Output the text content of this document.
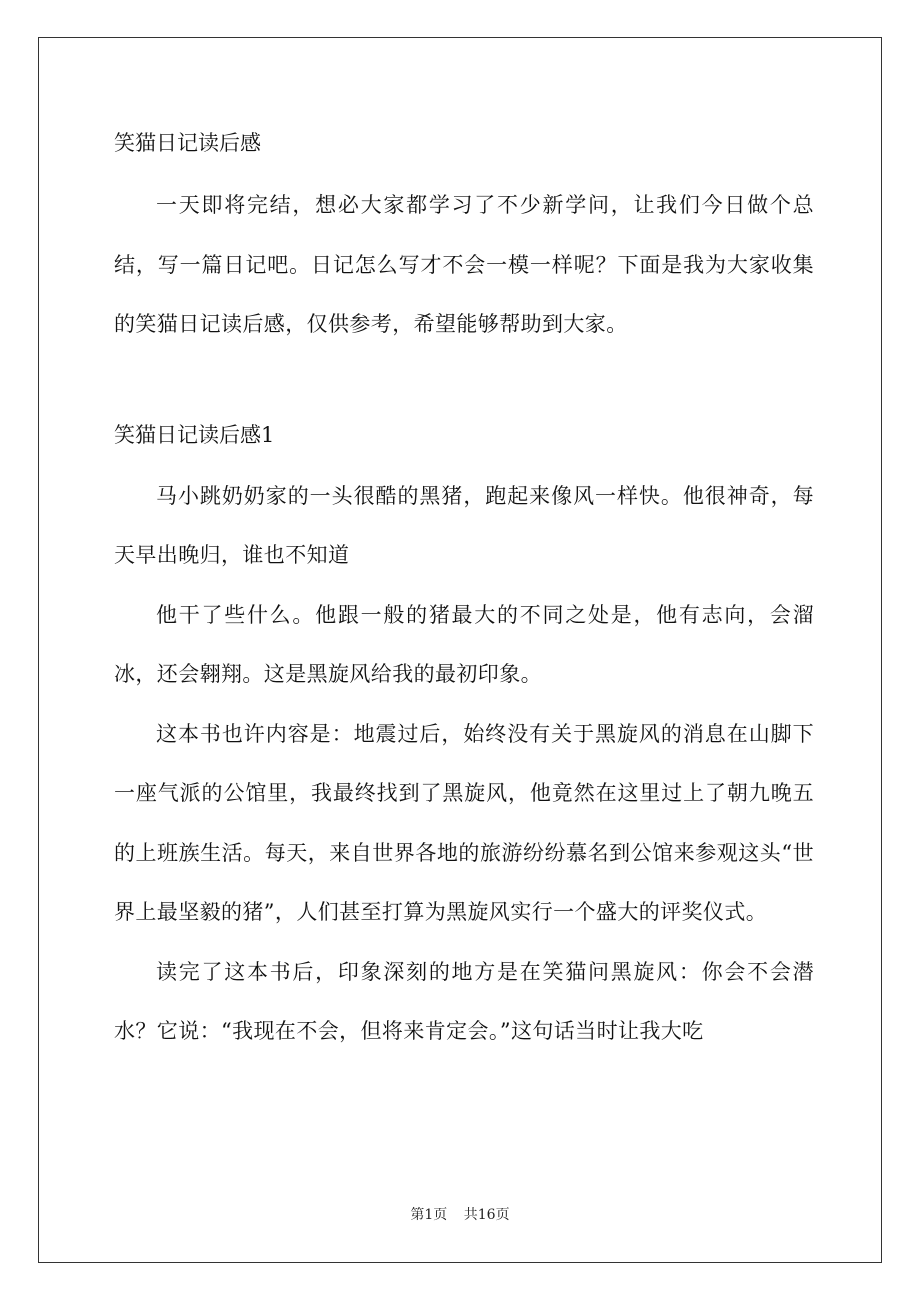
笑猫日记读后感

一天即将完结，想必大家都学习了不少新学问，让我们今日做个总结，写一篇日记吧。日记怎么写才不会一模一样呢？下面是我为大家收集的笑猫日记读后感，仅供参考，希望能够帮助到大家。

笑猫日记读后感1

马小跳奶奶家的一头很酷的黑猪，跑起来像风一样快。他很神奇，每天早出晚归，谁也不知道

他干了些什么。他跟一般的猪最大的不同之处是，他有志向，会溜冰，还会翱翔。这是黑旋风给我的最初印象。

这本书也许内容是：地震过后，始终没有关于黑旋风的消息在山脚下一座气派的公馆里，我最终找到了黑旋风，他竟然在这里过上了朝九晚五的上班族生活。每天，来自世界各地的旅游纷纷慕名到公馆来参观这头“世界上最坚毅的猪”，人们甚至打算为黑旋风实行一个盛大的评奖仪式。

读完了这本书后，印象深刻的地方是在笑猫问黑旋风：你会不会潜水？它说：“我现在不会，但将来肯定会。”这句话当时让我大吃

第1页 共16页
